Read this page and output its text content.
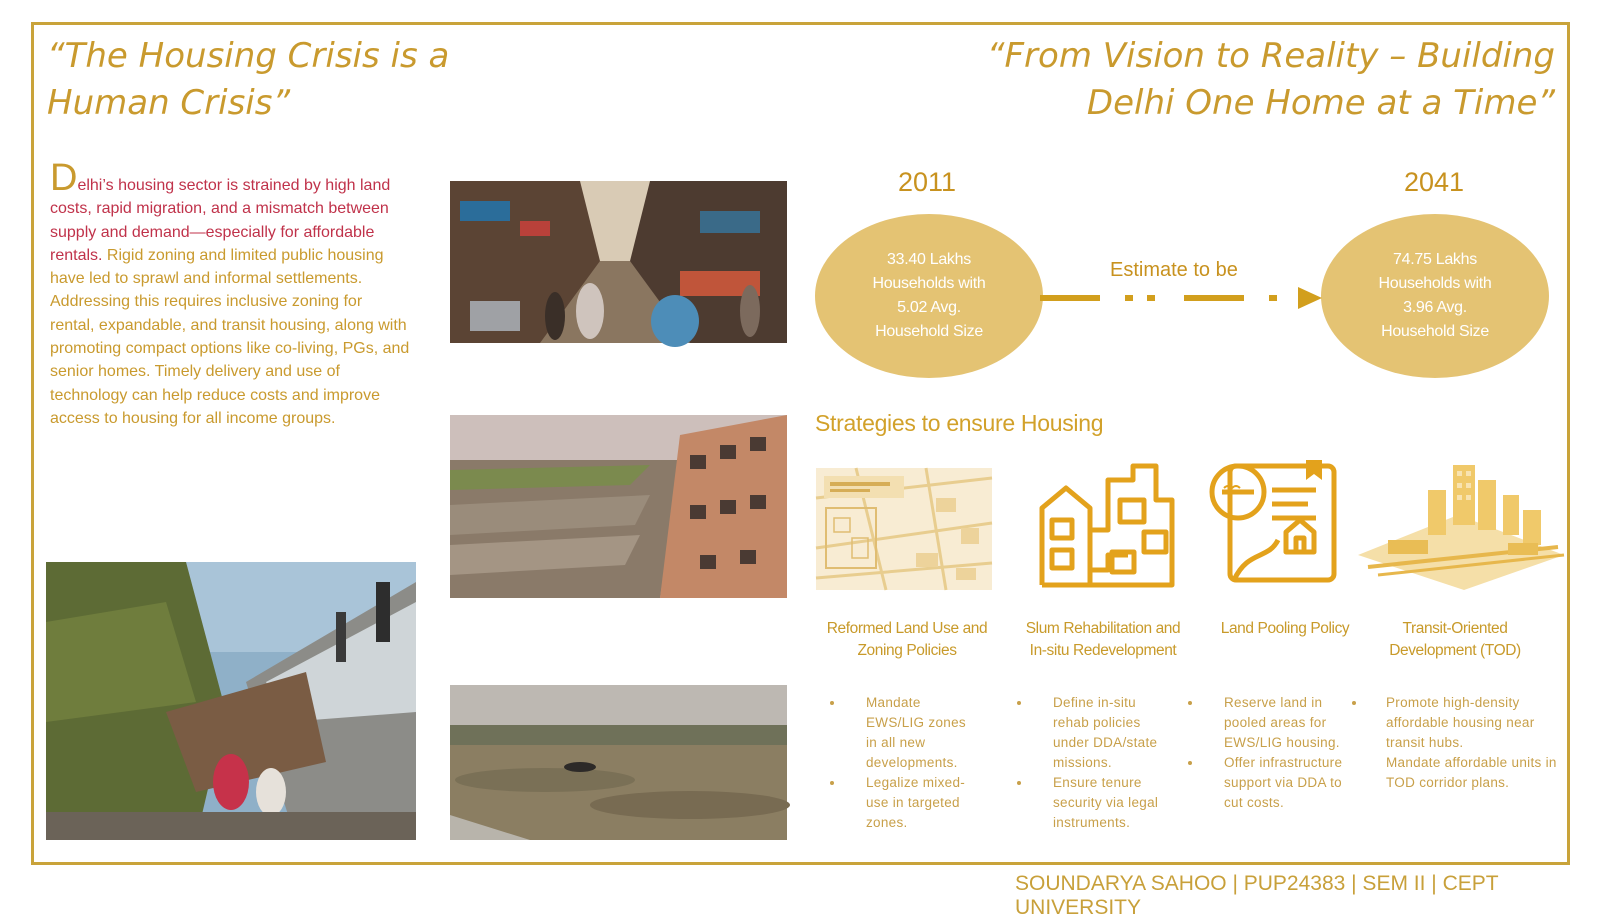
“The Housing Crisis is a Human Crisis”
“From Vision to Reality – Building Delhi One Home at a Time”
Delhi’s housing sector is strained by high land costs, rapid migration, and a mismatch between supply and demand—especially for affordable rentals. Rigid zoning and limited public housing have led to sprawl and informal settlements. Addressing this requires inclusive zoning for rental, expandable, and transit housing, along with promoting compact options like co-living, PGs, and senior homes. Timely delivery and use of technology can help reduce costs and improve access to housing for all income groups.
2011	2041
33.40 Lakhs Households with 5.02 Avg. Household Size
74.75 Lakhs Households with 3.96 Avg. Household Size
Estimate to be
Strategies to ensure Housing
Reformed Land Use and Zoning Policies
Slum Rehabilitation and In-situ Redevelopment
Land Pooling Policy	Transit-Oriented Development (TOD)
Mandate EWS/LIG zones in all new developments.
Legalize mixed-use in targeted zones.
Define in-situ rehab policies under DDA/state missions.
Ensure tenure security via legal instruments.
Reserve land in pooled areas for EWS/LIG housing.
Offer infrastructure support via DDA to cut costs.
Promote high-density affordable housing near transit hubs.
Mandate affordable units in TOD corridor plans.
SOUNDARYA SAHOO | PUP24383 | SEM II | CEPT UNIVERSITY
